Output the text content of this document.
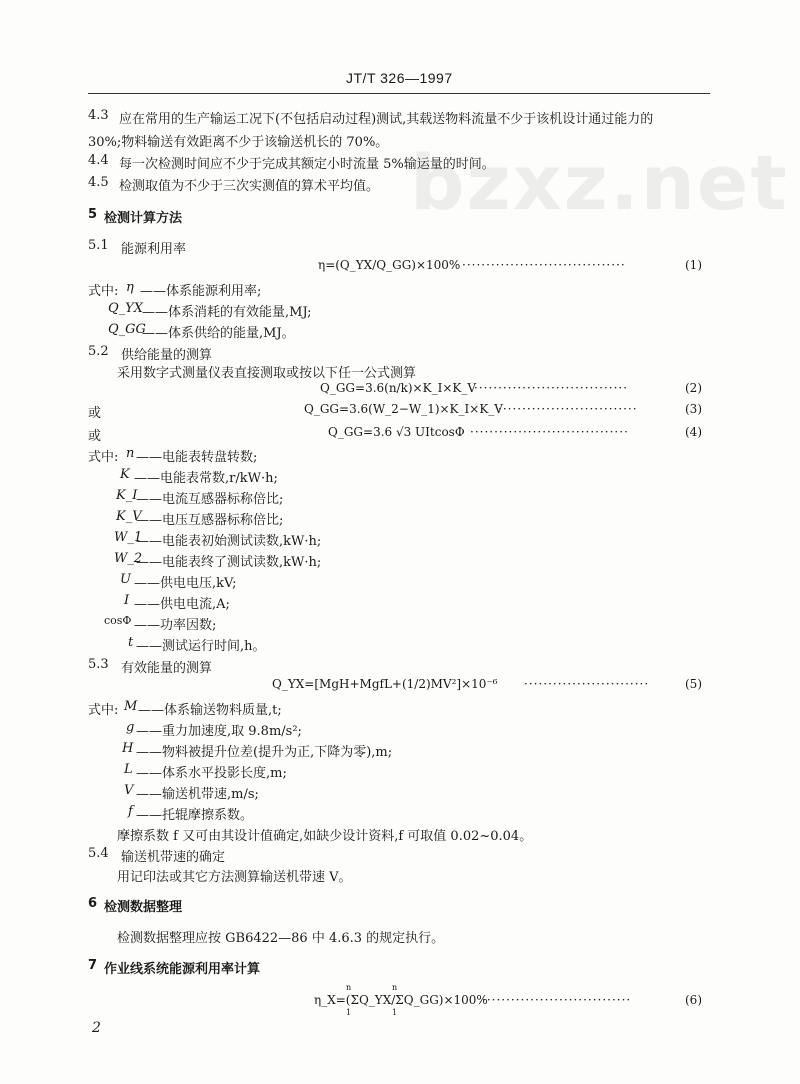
bzxz.net
JT/T 326—1997
4.3 应在常用的生产输运工况下(不包括启动过程)测试,其载送物料流量不少于该机设计通过能力的
30%;物料输送有效距离不少于该输送机长的 70%。
4.4 每一次检测时间应不少于完成其额定小时流量 5%输运量的时间。
4.5 检测取值为不少于三次实测值的算术平均值。
5 检测计算方法
5.1 能源利用率
η=(Q_YX/Q_GG)×100% ··································	(1)
式中: η ——体系能源利用率;
Q_YX ——体系消耗的有效能量,MJ;
Q_GG
——体系供给的能量,MJ。
5.2 供给能量的测算
采用数字式测量仪表直接测取或按以下任一公式测算
Q_GG=3.6(n/k)×K_I×K_V
································	(2)
或	Q_GG=3.6(W_2−W_1)×K_I×K_V
·····························	(3)
或	Q_GG=3.6 √3 UItcosΦ ·································	(4)
式中: n ——电能表转盘转数;
K ——电能表常数,r/kW·h;
K_I
——电流互感器标称倍比;
K_V
——电压互感器标称倍比;
W_1
——电能表初始测试读数,kW·h;
W_2
——电能表终了测试读数,kW·h;
U ——供电电压,kV;
I ——供电电流,A;
cosΦ ——功率因数;
t ——测试运行时间,h。
5.3 有效能量的测算
Q_YX=[MgH+MgfL+(1/2)MV²]×10⁻⁶ ··························	(5)
式中: M ——体系输送物料质量,t;
g ——重力加速度,取 9.8m/s²;
H ——物料被提升位差(提升为正,下降为零),m;
L ——体系水平投影长度,m;
V ——输送机带速,m/s;
f ——托辊摩擦系数。
摩擦系数 f 又可由其设计值确定,如缺少设计资料,f 可取值 0.02~0.04。
5.4 输送机带速的确定
用记印法或其它方法测算输送机带速 V。
6 检测数据整理
检测数据整理应按 GB6422—86 中 4.6.3 的规定执行。
7 作业线系统能源利用率计算
n	n
η_X=(ΣQ_YX/ΣQ_GG)×100%
1	1
·······························	(6)
2
